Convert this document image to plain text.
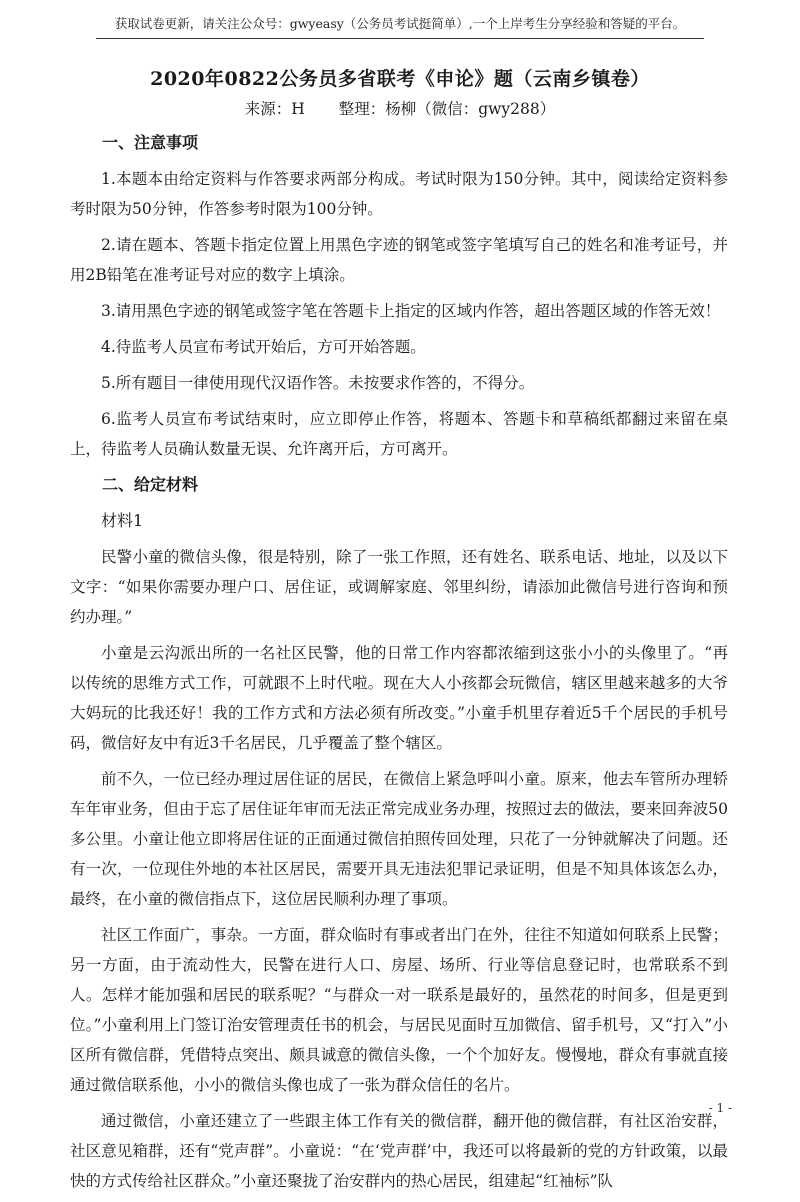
获取试卷更新，请关注公众号：gwyeasy（公务员考试挺简单）,一个上岸考生分享经验和答疑的平台。
2020年0822公务员多省联考《申论》题（云南乡镇卷）
来源：H 整理：杨柳（微信：gwy288）
一、注意事项

1.本题本由给定资料与作答要求两部分构成。考试时限为150分钟。其中，阅读给定资料参考时限为50分钟，作答参考时限为100分钟。

2.请在题本、答题卡指定位置上用黑色字迹的钢笔或签字笔填写自己的姓名和准考证号，并用2B铅笔在准考证号对应的数字上填涂。

3.请用黑色字迹的钢笔或签字笔在答题卡上指定的区域内作答，超出答题区域的作答无效！

4.待监考人员宣布考试开始后，方可开始答题。

5.所有题目一律使用现代汉语作答。未按要求作答的，不得分。

6.监考人员宣布考试结束时，应立即停止作答，将题本、答题卡和草稿纸都翻过来留在桌上，待监考人员确认数量无误、允许离开后，方可离开。

二、给定材料
材料1

民警小童的微信头像，很是特别，除了一张工作照，还有姓名、联系电话、地址，以及以下文字：“如果你需要办理户口、居住证，或调解家庭、邻里纠纷，请添加此微信号进行咨询和预约办理。”

小童是云沟派出所的一名社区民警，他的日常工作内容都浓缩到这张小小的头像里了。“再以传统的思维方式工作，可就跟不上时代啦。现在大人小孩都会玩微信，辖区里越来越多的大爷大妈玩的比我还好！我的工作方式和方法必须有所改变。”小童手机里存着近5千个居民的手机号码，微信好友中有近3千名居民，几乎覆盖了整个辖区。

前不久，一位已经办理过居住证的居民，在微信上紧急呼叫小童。原来，他去车管所办理轿车年审业务，但由于忘了居住证年审而无法正常完成业务办理，按照过去的做法，要来回奔波50多公里。小童让他立即将居住证的正面通过微信拍照传回处理，只花了一分钟就解决了问题。还有一次，一位现住外地的本社区居民，需要开具无违法犯罪记录证明，但是不知具体该怎么办，最终，在小童的微信指点下，这位居民顺利办理了事项。

社区工作面广，事杂。一方面，群众临时有事或者出门在外，往往不知道如何联系上民警；另一方面，由于流动性大，民警在进行人口、房屋、场所、行业等信息登记时，也常联系不到人。怎样才能加强和居民的联系呢？“与群众一对一联系是最好的，虽然花的时间多，但是更到位。”小童利用上门签订治安管理责任书的机会，与居民见面时互加微信、留手机号，又“打入”小区所有微信群，凭借特点突出、颇具诚意的微信头像，一个个加好友。慢慢地，群众有事就直接通过微信联系他，小小的微信头像也成了一张为群众信任的名片。

通过微信，小童还建立了一些跟主体工作有关的微信群，翻开他的微信群，有社区治安群，社区意见箱群，还有“党声群”。小童说：“在‘党声群’中，我还可以将最新的党的方针政策，以最快的方式传给社区群众。”小童还聚拢了治安群内的热心居民，组建起“红袖标”队

- 1 -
